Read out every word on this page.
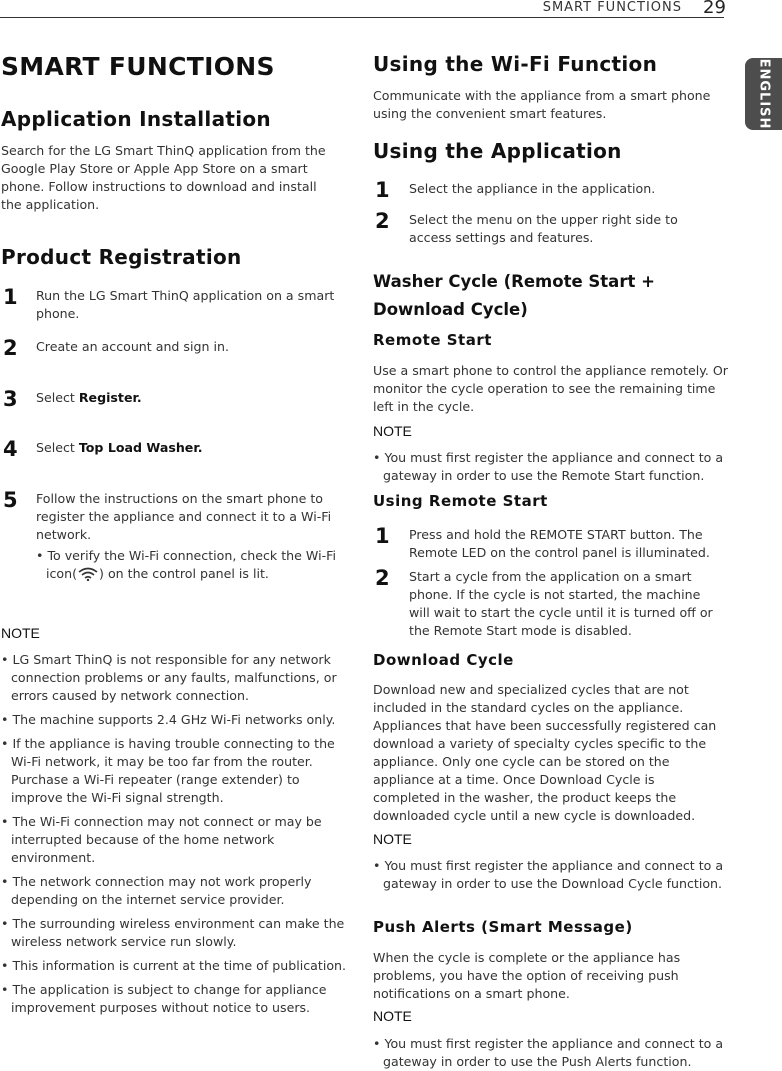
SMART FUNCTIONS 29
ENGLISH
SMART FUNCTIONS
Application Installation
Search for the LG Smart ThinQ application from the Google Play Store or Apple App Store on a smart phone. Follow instructions to download and install the application.
Product Registration
1 Run the LG Smart ThinQ application on a smart phone.
2 Create an account and sign in.
3 Select Register.
4 Select Top Load Washer.
5 Follow the instructions on the smart phone to register the appliance and connect it to a Wi-Fi network.
• To verify the Wi-Fi connection, check the Wi-Fi icon( ) on the control panel is lit.
NOTE
• LG Smart ThinQ is not responsible for any network connection problems or any faults, malfunctions, or errors caused by network connection.
• The machine supports 2.4 GHz Wi-Fi networks only.
• If the appliance is having trouble connecting to the Wi-Fi network, it may be too far from the router. Purchase a Wi-Fi repeater (range extender) to improve the Wi-Fi signal strength.
• The Wi-Fi connection may not connect or may be interrupted because of the home network environment.
• The network connection may not work properly depending on the internet service provider.
• The surrounding wireless environment can make the wireless network service run slowly.
• This information is current at the time of publication.
• The application is subject to change for appliance improvement purposes without notice to users.
Using the Wi-Fi Function
Communicate with the appliance from a smart phone using the convenient smart features.
Using the Application
1 Select the appliance in the application.
2 Select the menu on the upper right side to access settings and features.
Washer Cycle (Remote Start + Download Cycle)
Remote Start
Use a smart phone to control the appliance remotely. Or monitor the cycle operation to see the remaining time left in the cycle.
NOTE
• You must first register the appliance and connect to a gateway in order to use the Remote Start function.
Using Remote Start
1 Press and hold the REMOTE START button. The Remote LED on the control panel is illuminated.
2 Start a cycle from the application on a smart phone. If the cycle is not started, the machine will wait to start the cycle until it is turned off or the Remote Start mode is disabled.
Download Cycle
Download new and specialized cycles that are not included in the standard cycles on the appliance. Appliances that have been successfully registered can download a variety of specialty cycles specific to the appliance. Only one cycle can be stored on the appliance at a time. Once Download Cycle is completed in the washer, the product keeps the downloaded cycle until a new cycle is downloaded.
NOTE
• You must first register the appliance and connect to a gateway in order to use the Download Cycle function.
Push Alerts (Smart Message)
When the cycle is complete or the appliance has problems, you have the option of receiving push notifications on a smart phone.
NOTE
• You must first register the appliance and connect to a gateway in order to use the Push Alerts function.
